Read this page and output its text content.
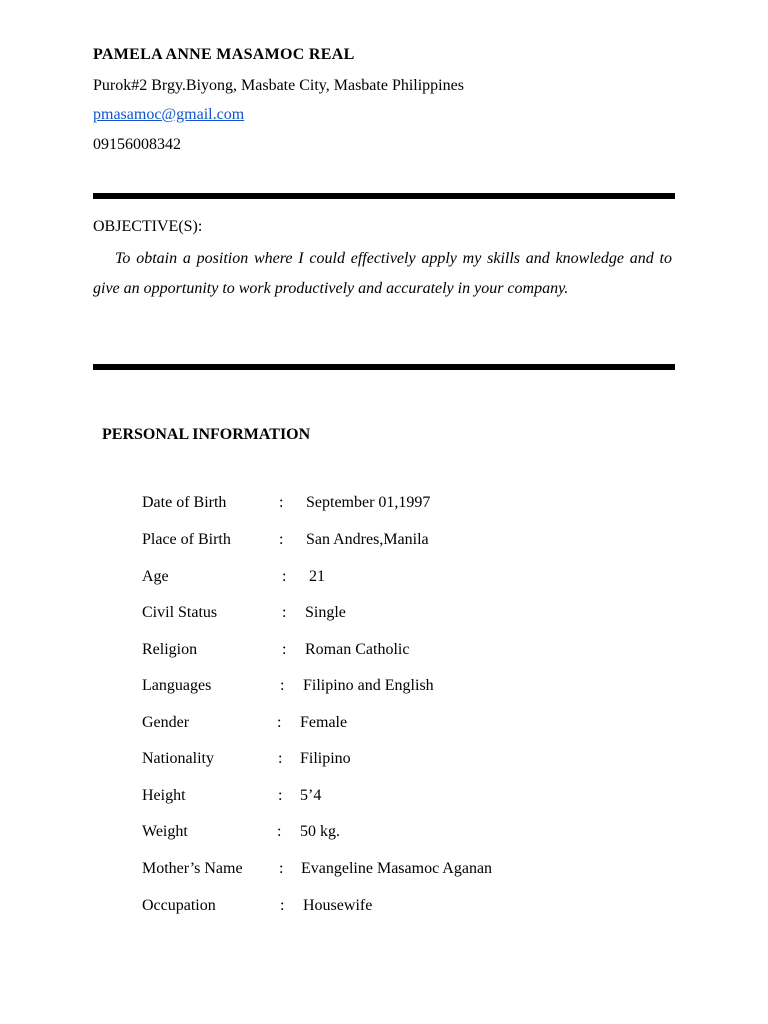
PAMELA ANNE MASAMOC REAL
Purok#2 Brgy.Biyong, Masbate City, Masbate Philippines
pmasamoc@gmail.com
09156008342
OBJECTIVE(S):

To obtain a position where I could effectively apply my skills and knowledge and to give an opportunity to work productively and accurately in your company.

PERSONAL INFORMATION
Date of Birth	: September 01,1997
Place of Birth	: San Andres,Manila
Age	: 21
Civil Status	: Single
Religion	: Roman Catholic
Languages	: Filipino and English
Gender	: Female
Nationality	: Filipino
Height	: 5’4
Weight	: 50 kg.
Mother’s Name : Evangeline Masamoc Aganan
Occupation	: Housewife
